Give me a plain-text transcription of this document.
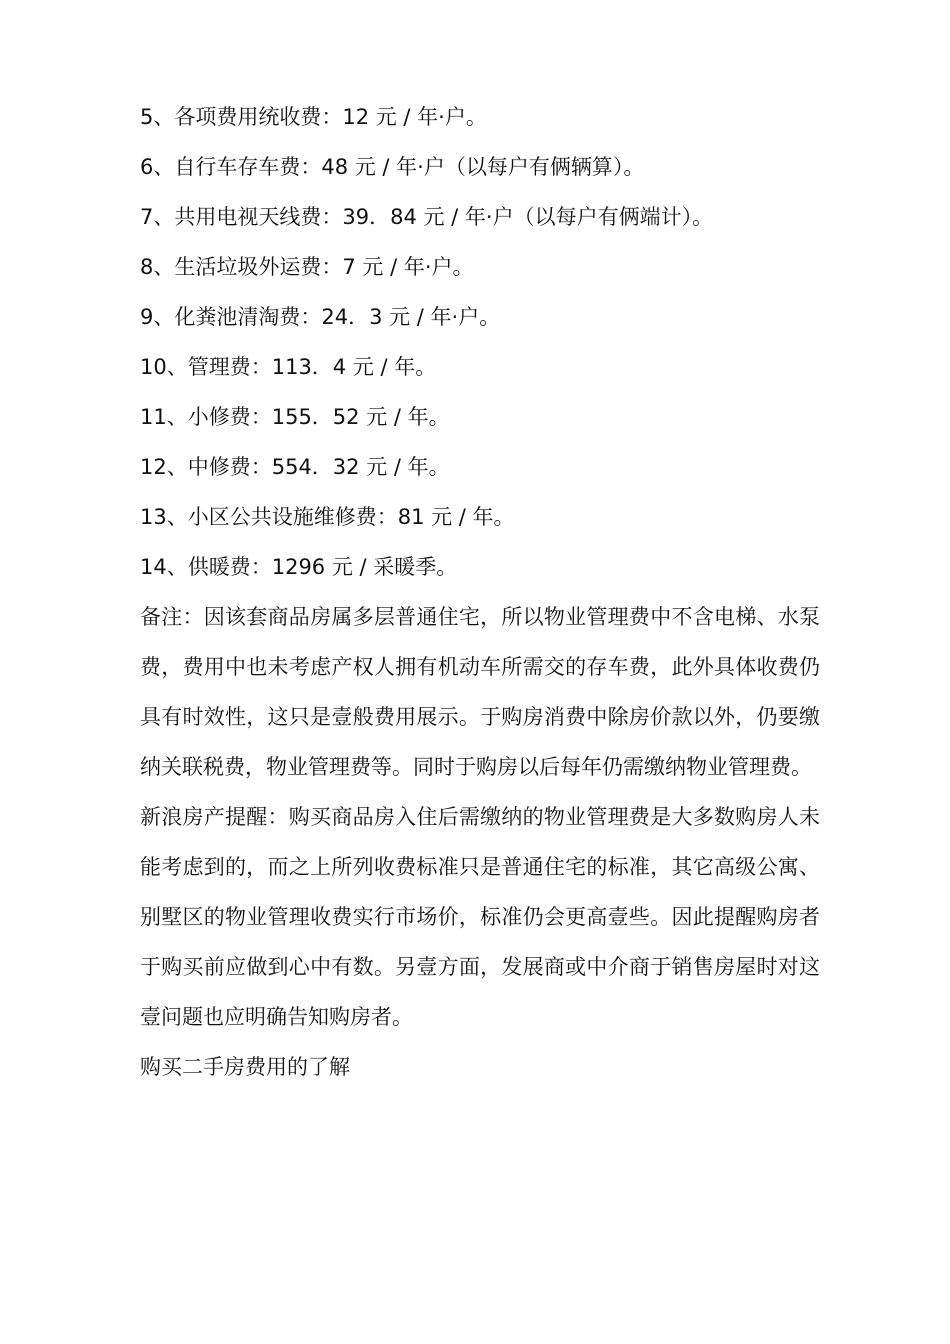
5、各项费用统收费：12 元 / 年·户。

6、自行车存车费：48 元 / 年·户（以每户有俩辆算）。

7、共用电视天线费：39．84 元 / 年·户（以每户有俩端计）。

8、生活垃圾外运费：7 元 / 年·户。

9、化粪池清淘费：24．3 元 / 年·户。

10、管理费：113．4 元 / 年。

11、小修费：155．52 元 / 年。

12、中修费：554．32 元 / 年。

13、小区公共设施维修费：81 元 / 年。

14、供暖费：1296 元 / 采暖季。

备注：因该套商品房属多层普通住宅，所以物业管理费中不含电梯、水泵费，费用中也未考虑产权人拥有机动车所需交的存车费，此外具体收费仍具有时效性，这只是壹般费用展示。于购房消费中除房价款以外，仍要缴纳关联税费，物业管理费等。同时于购房以后每年仍需缴纳物业管理费。

新浪房产提醒：购买商品房入住后需缴纳的物业管理费是大多数购房人未能考虑到的，而之上所列收费标准只是普通住宅的标准，其它高级公寓、别墅区的物业管理收费实行市场价，标准仍会更高壹些。因此提醒购房者于购买前应做到心中有数。另壹方面，发展商或中介商于销售房屋时对这壹问题也应明确告知购房者。

购买二手房费用的了解
